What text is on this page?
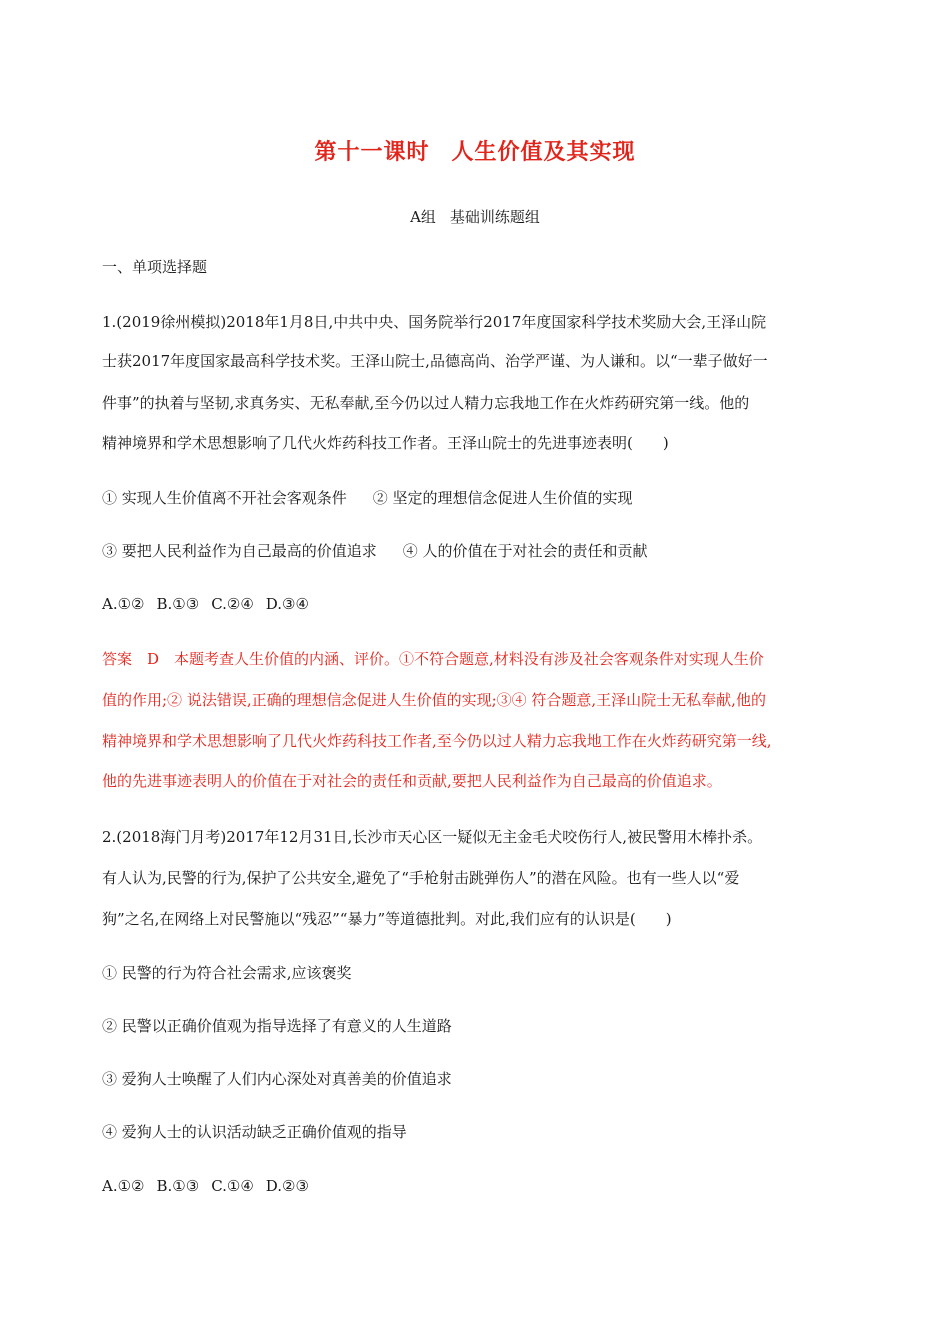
第十一课时 人生价值及其实现
A组 基础训练题组
一、单项选择题
1.(2019徐州模拟)2018年1月8日,中共中央、国务院举行2017年度国家科学技术奖励大会,王泽山院
士获2017年度国家最高科学技术奖。王泽山院士,品德高尚、治学严谨、为人谦和。以“一辈子做好一
件事”的执着与坚韧,求真务实、无私奉献,至今仍以过人精力忘我地工作在火炸药研究第一线。他的
精神境界和学术思想影响了几代火炸药科技工作者。王泽山院士的先进事迹表明(　　)
① 实现人生价值离不开社会客观条件 ② 坚定的理想信念促进人生价值的实现
③ 要把人民利益作为自己最高的价值追求 ④ 人的价值在于对社会的责任和贡献
A.①② B.①③ C.②④ D.③④
答案　D　本题考查人生价值的内涵、评价。①不符合题意,材料没有涉及社会客观条件对实现人生价
值的作用;② 说法错误,正确的理想信念促进人生价值的实现;③④ 符合题意,王泽山院士无私奉献,他的
精神境界和学术思想影响了几代火炸药科技工作者,至今仍以过人精力忘我地工作在火炸药研究第一线,
他的先进事迹表明人的价值在于对社会的责任和贡献,要把人民利益作为自己最高的价值追求。
2.(2018海门月考)2017年12月31日,长沙市天心区一疑似无主金毛犬咬伤行人,被民警用木棒扑杀。
有人认为,民警的行为,保护了公共安全,避免了“手枪射击跳弹伤人”的潜在风险。也有一些人以“爱
狗”之名,在网络上对民警施以“残忍”“暴力”等道德批判。对此,我们应有的认识是(　　)
① 民警的行为符合社会需求,应该褒奖
② 民警以正确价值观为指导选择了有意义的人生道路
③ 爱狗人士唤醒了人们内心深处对真善美的价值追求
④ 爱狗人士的认识活动缺乏正确价值观的指导
A.①② B.①③ C.①④ D.②③
